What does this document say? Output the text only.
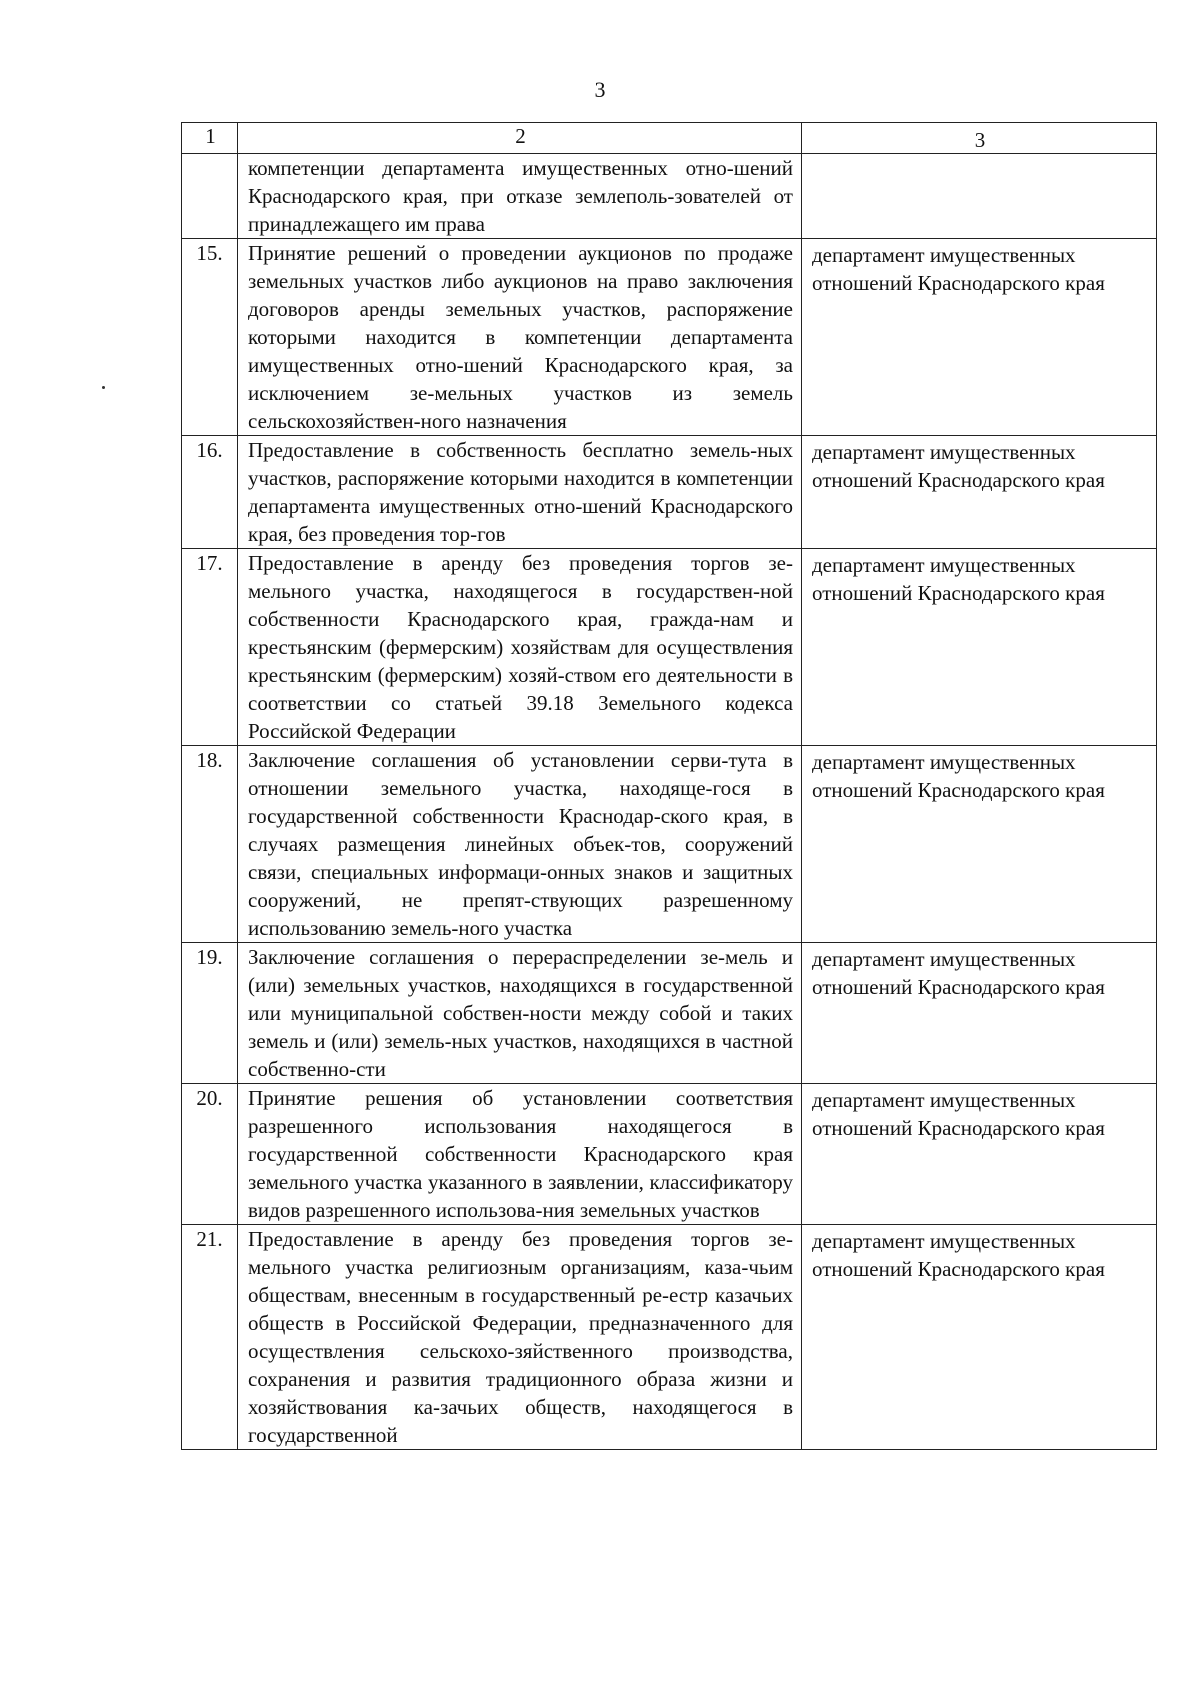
3
1	2	3
	компетенции департамента имущественных отно-шений Краснодарского края, при отказе землеполь-зователей от принадлежащего им права	
15.	Принятие решений о проведении аукционов по продаже земельных участков либо аукционов на право заключения договоров аренды земельных участков, распоряжение которыми находится в компетенции департамента имущественных отно-шений Краснодарского края, за исключением зе-мельных участков из земель сельскохозяйствен-ного назначения	департамент имущественных отношений Краснодарского края
16.	Предоставление в собственность бесплатно земель-ных участков, распоряжение которыми находится в компетенции департамента имущественных отно-шений Краснодарского края, без проведения тор-гов	департамент имущественных отношений Краснодарского края
17.	Предоставление в аренду без проведения торгов зе-мельного участка, находящегося в государствен-ной собственности Краснодарского края, гражда-нам и крестьянским (фермерским) хозяйствам для осуществления крестьянским (фермерским) хозяй-ством его деятельности в соответствии со статьей 39.18 Земельного кодекса Российской Федерации	департамент имущественных отношений Краснодарского края
18.	Заключение соглашения об установлении серви-тута в отношении земельного участка, находяще-гося в государственной собственности Краснодар-ского края, в случаях размещения линейных объек-тов, сооружений связи, специальных информаци-онных знаков и защитных сооружений, не препят-ствующих разрешенному использованию земель-ного участка	департамент имущественных отношений Краснодарского края
19.	Заключение соглашения о перераспределении зе-мель и (или) земельных участков, находящихся в государственной или муниципальной собствен-ности между собой и таких земель и (или) земель-ных участков, находящихся в частной собственно-сти	департамент имущественных отношений Краснодарского края
20.	Принятие решения об установлении соответствия разрешенного использования находящегося в государственной собственности Краснодарского края земельного участка указанного в заявлении, классификатору видов разрешенного использова-ния земельных участков	департамент имущественных отношений Краснодарского края
21.	Предоставление в аренду без проведения торгов зе-мельного участка религиозным организациям, каза-чьим обществам, внесенным в государственный ре-естр казачьих обществ в Российской Федерации, предназначенного для осуществления сельскохо-зяйственного производства, сохранения и развития традиционного образа жизни и хозяйствования ка-зачьих обществ, находящегося в государственной	департамент имущественных отношений Краснодарского края
